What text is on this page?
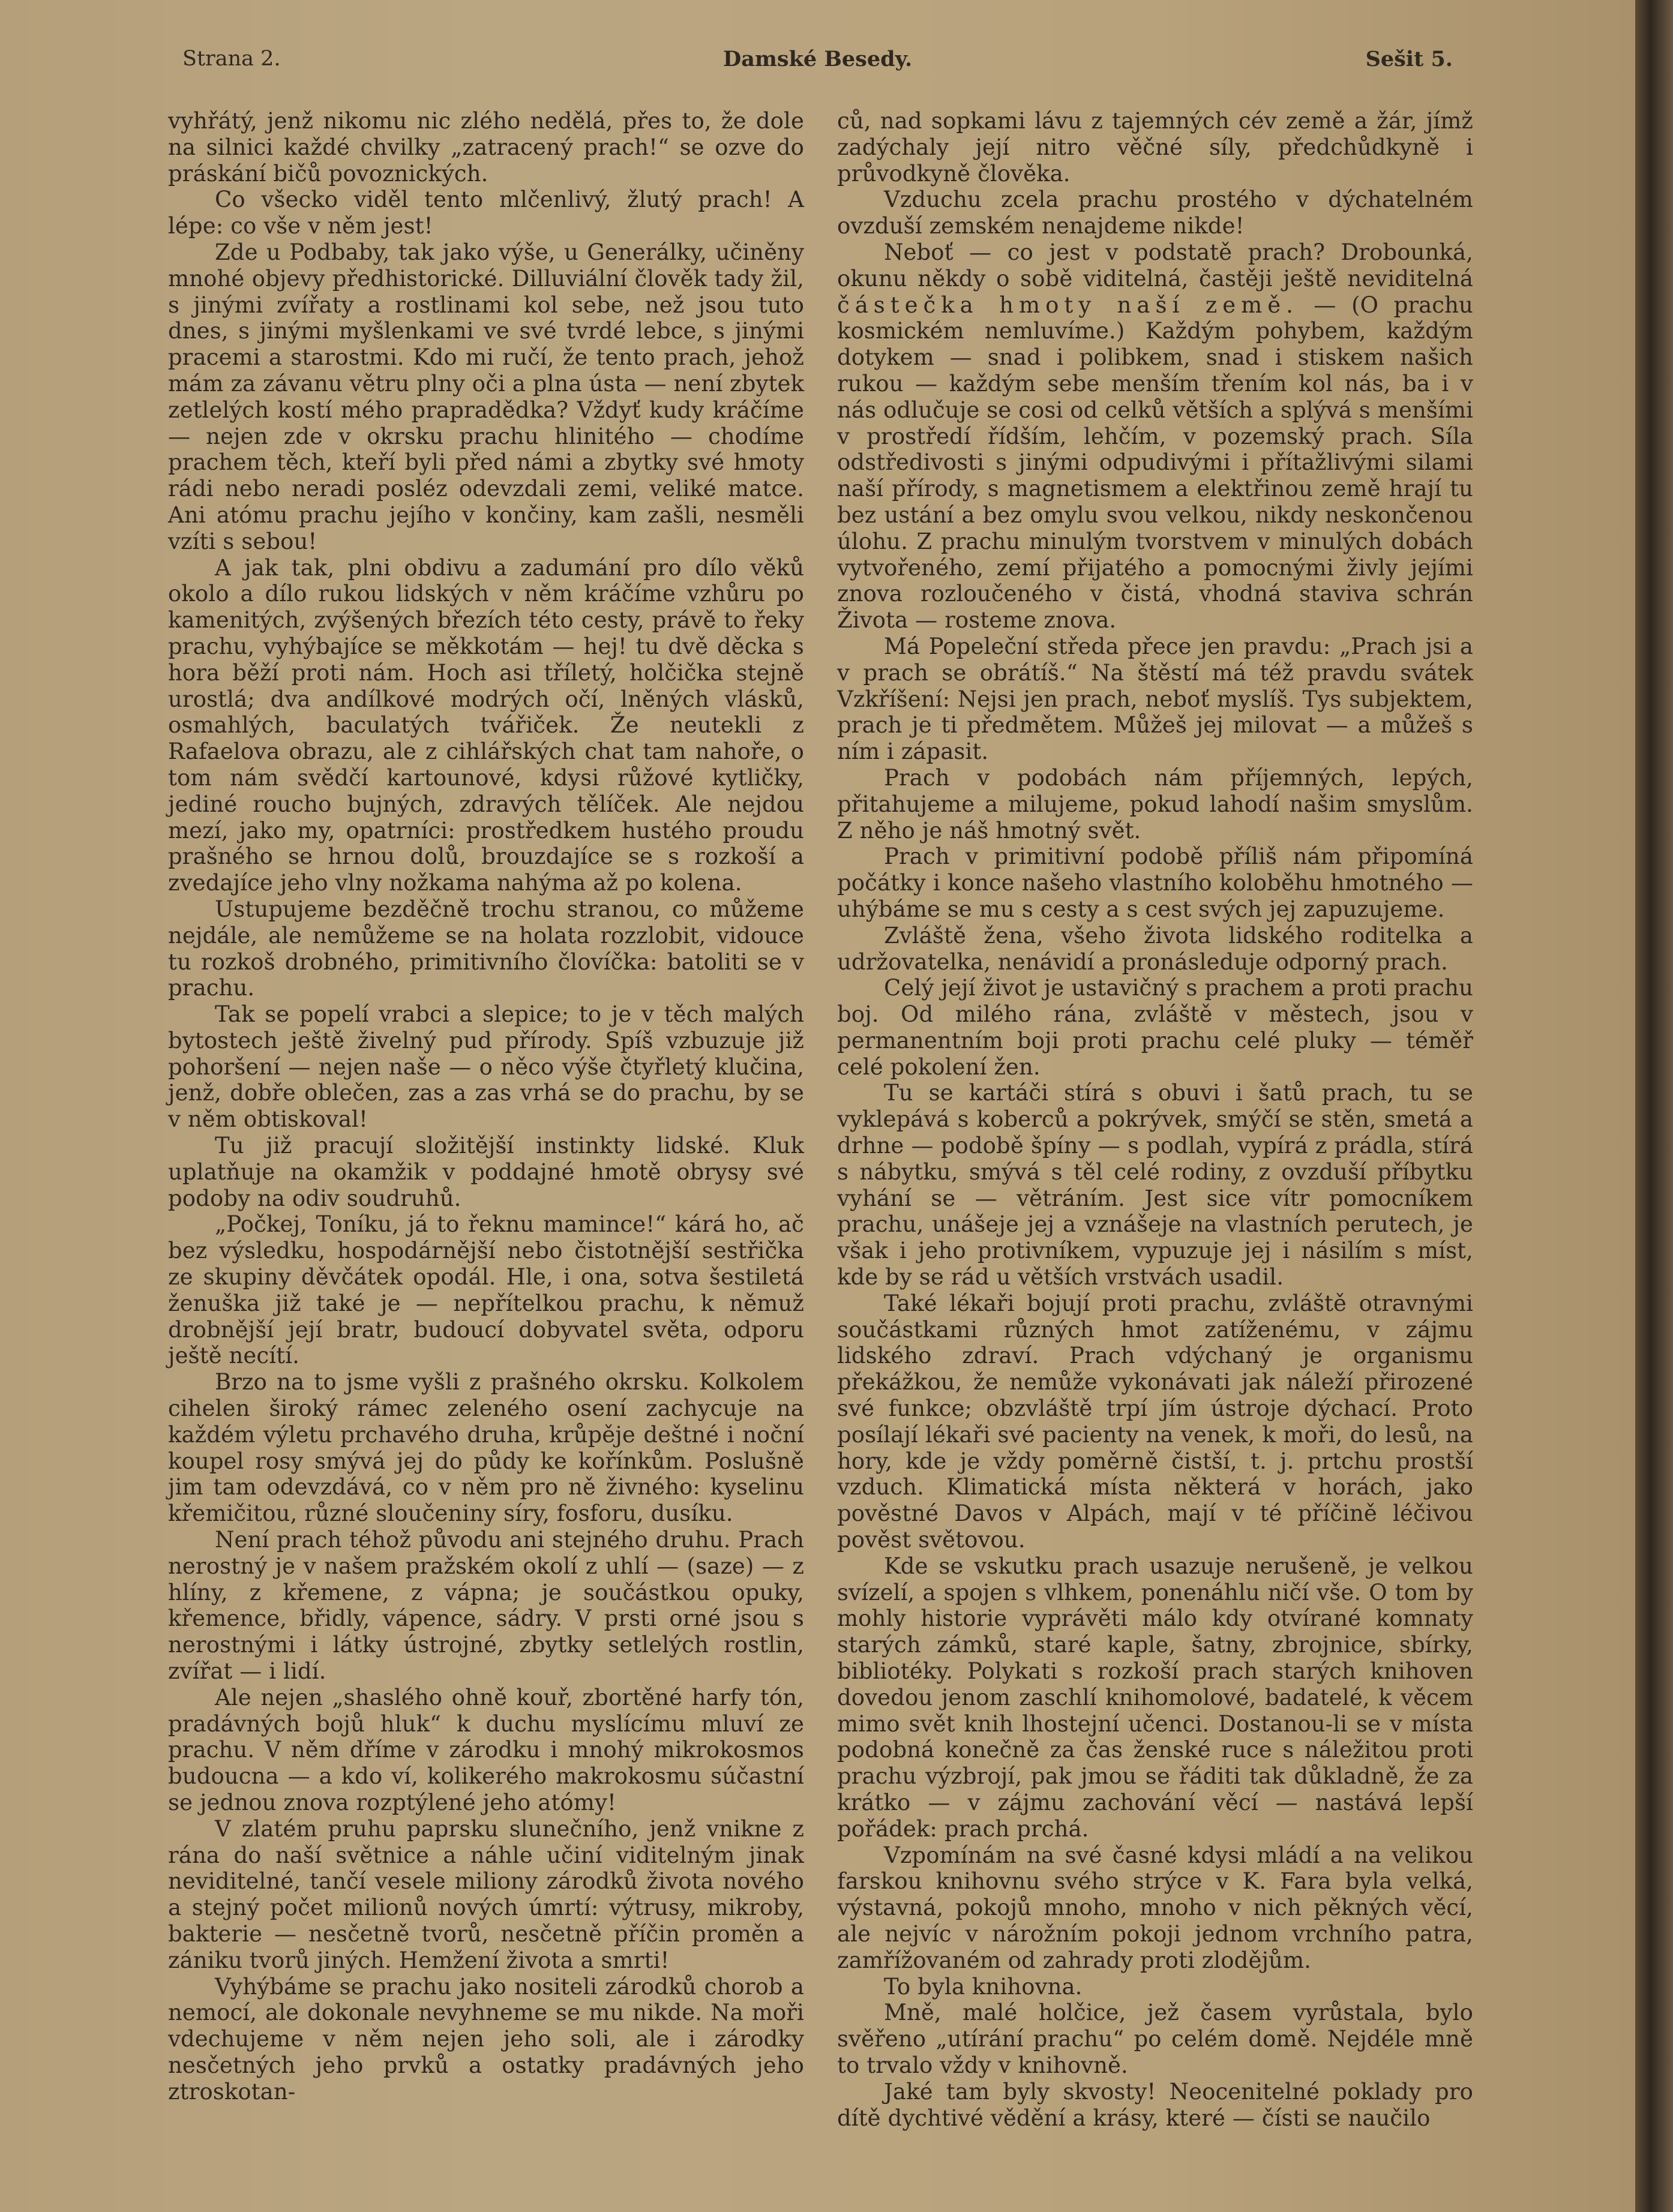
Strana 2.	Damské Besedy.	Sešit 5.

vyhřátý, jenž nikomu nic zlého nedělá, přes to, že dole na silnici každé chvilky „zatracený prach!“ se ozve do práskání bičů povoznických.

Co všecko viděl tento mlčenlivý, žlutý prach! A lépe: co vše v něm jest!

Zde u Podbaby, tak jako výše, u Generálky, učiněny mnohé objevy předhistorické. Dilluviální člověk tady žil, s jinými zvířaty a rostlinami kol sebe, než jsou tuto dnes, s jinými myšlenkami ve své tvrdé lebce, s jinými pracemi a starostmi. Kdo mi ručí, že tento prach, jehož mám za závanu větru plny oči a plna ústa — není zbytek zetlelých kostí mého prapradědka? Vždyť kudy kráčíme — nejen zde v okrsku prachu hlinitého — chodíme prachem těch, kteří byli před námi a zbytky své hmoty rádi nebo neradi posléz odevzdali zemi, veliké matce. Ani atómu prachu jejího v končiny, kam zašli, nesměli vzíti s sebou!

A jak tak, plni obdivu a zadumání pro dílo věků okolo a dílo rukou lidských v něm kráčíme vzhůru po kamenitých, zvýšených březích této cesty, právě to řeky prachu, vyhýbajíce se měkkotám — hej! tu dvě děcka s hora běží proti nám. Hoch asi tříletý, holčička stejně urostlá; dva andílkové modrých očí, lněných vlásků, osmahlých, baculatých tvářiček. Že neutekli z Rafaelova obrazu, ale z cihlářských chat tam nahoře, o tom nám svědčí kartounové, kdysi růžové kytličky, jediné roucho bujných, zdravých tělíček. Ale nejdou mezí, jako my, opatrníci: prostředkem hustého proudu prašného se hrnou dolů, brouzdajíce se s rozkoší a zvedajíce jeho vlny nožkama nahýma až po kolena.

Ustupujeme bezděčně trochu stranou, co můžeme nejdále, ale nemůžeme se na holata rozzlobit, vidouce tu rozkoš drobného, primitivního človíčka: batoliti se v prachu.

Tak se popelí vrabci a slepice; to je v těch malých bytostech ještě živelný pud přírody. Spíš vzbuzuje již pohoršení — nejen naše — o něco výše čtyřletý klučina, jenž, dobře oblečen, zas a zas vrhá se do prachu, by se v něm obtiskoval!

Tu již pracují složitější instinkty lidské. Kluk uplatňuje na okamžik v poddajné hmotě obrysy své podoby na odiv soudruhů.

„Počkej, Toníku, já to řeknu mamince!“ kárá ho, ač bez výsledku, hospodárnější nebo čistotnější sestřička ze skupiny děvčátek opodál. Hle, i ona, sotva šestiletá ženuška již také je — nepřítelkou prachu, k němuž drobnější její bratr, budoucí dobyvatel světa, odporu ještě necítí.

Brzo na to jsme vyšli z prašného okrsku. Kolkolem cihelen široký rámec zeleného osení zachycuje na každém výletu prchavého druha, krůpěje deštné i noční koupel rosy smývá jej do půdy ke kořínkům. Poslušně jim tam odevzdává, co v něm pro ně živného: kyselinu křemičitou, různé sloučeniny síry, fosforu, dusíku.

Není prach téhož původu ani stejného druhu. Prach nerostný je v našem pražském okolí z uhlí — (saze) — z hlíny, z křemene, z vápna; je součástkou opuky, křemence, břidly, vápence, sádry. V prsti orné jsou s nerostnými i látky ústrojné, zbytky setlelých rostlin, zvířat — i lidí.

Ale nejen „shaslého ohně kouř, zbortěné harfy tón, pradávných bojů hluk“ k duchu myslícímu mluví ze prachu. V něm dříme v zárodku i mnohý mikrokosmos budoucna — a kdo ví, kolikerého makrokosmu súčastní se jednou znova rozptýlené jeho atómy!

V zlatém pruhu paprsku slunečního, jenž vnikne z rána do naší světnice a náhle učiní viditelným jinak neviditelné, tančí vesele miliony zárodků života nového a stejný počet milionů nových úmrtí: výtrusy, mikroby, bakterie — nesčetně tvorů, nesčetně příčin proměn a zániku tvorů jiných. Hemžení života a smrti!

Vyhýbáme se prachu jako nositeli zárodků chorob a nemocí, ale dokonale nevyhneme se mu nikde. Na moři vdechujeme v něm nejen jeho soli, ale i zárodky nesčetných jeho prvků a ostatky pradávných jeho ztroskotan-

ců, nad sopkami lávu z tajemných cév země a žár, jímž zadýchaly její nitro věčné síly, předchůdkyně i průvodkyně člověka.

Vzduchu zcela prachu prostého v dýchatelném ovzduší zemském nenajdeme nikde!

Neboť — co jest v podstatě prach? Drobounká, okunu někdy o sobě viditelná, častěji ještě neviditelná částečka hmoty naší země. — (O prachu kosmickém nemluvíme.) Každým pohybem, každým dotykem — snad i polibkem, snad i stiskem našich rukou — každým sebe menším třením kol nás, ba i v nás odlučuje se cosi od celků větších a splývá s menšími v prostředí řídším, lehčím, v pozemský prach. Síla odstředivosti s jinými odpudivými i přítažlivými silami naší přírody, s magnetismem a elektřinou země hrají tu bez ustání a bez omylu svou velkou, nikdy neskončenou úlohu. Z prachu minulým tvorstvem v minulých dobách vytvořeného, zemí přijatého a pomocnými živly jejími znova rozloučeného v čistá, vhodná staviva schrán Života — rosteme znova.

Má Popeleční středa přece jen pravdu: „Prach jsi a v prach se obrátíš.“ Na štěstí má též pravdu svátek Vzkříšení: Nejsi jen prach, neboť myslíš. Tys subjektem, prach je ti předmětem. Můžeš jej milovat — a můžeš s ním i zápasit.

Prach v podobách nám příjemných, lepých, přitahujeme a milujeme, pokud lahodí našim smyslům. Z něho je náš hmotný svět.

Prach v primitivní podobě příliš nám připomíná počátky i konce našeho vlastního koloběhu hmotného — uhýbáme se mu s cesty a s cest svých jej zapuzujeme.

Zvláště žena, všeho života lidského roditelka a udržovatelka, nenávidí a pronásleduje odporný prach.

Celý její život je ustavičný s prachem a proti prachu boj. Od milého rána, zvláště v městech, jsou v permanentním boji proti prachu celé pluky — téměř celé pokolení žen.

Tu se kartáči stírá s obuvi i šatů prach, tu se vyklepává s koberců a pokrývek, smýčí se stěn, smetá a drhne — podobě špíny — s podlah, vypírá z prádla, stírá s nábytku, smývá s těl celé rodiny, z ovzduší příbytku vyhání se — větráním. Jest sice vítr pomocníkem prachu, unášeje jej a vznášeje na vlastních perutech, je však i jeho protivníkem, vypuzuje jej i násilím s míst, kde by se rád u větších vrstvách usadil.

Také lékaři bojují proti prachu, zvláště otravnými součástkami různých hmot zatíženému, v zájmu lidského zdraví. Prach vdýchaný je organismu překážkou, že nemůže vykonávati jak náleží přirozené své funkce; obzvláště trpí jím ústroje dýchací. Proto posílají lékaři své pacienty na venek, k moři, do lesů, na hory, kde je vždy poměrně čistší, t. j. prtchu prostší vzduch. Klimatická místa některá v horách, jako pověstné Davos v Alpách, mají v té příčině léčivou pověst světovou.

Kde se vskutku prach usazuje nerušeně, je velkou svízelí, a spojen s vlhkem, ponenáhlu ničí vše. O tom by mohly historie vyprávěti málo kdy otvírané komnaty starých zámků, staré kaple, šatny, zbrojnice, sbírky, bibliotéky. Polykati s rozkoší prach starých knihoven dovedou jenom zaschlí knihomolové, badatelé, k věcem mimo svět knih lhostejní učenci. Dostanou-li se v místa podobná konečně za čas ženské ruce s náležitou proti prachu výzbrojí, pak jmou se řáditi tak důkladně, že za krátko — v zájmu zachování věcí — nastává lepší pořádek: prach prchá.

Vzpomínám na své časné kdysi mládí a na velikou farskou knihovnu svého strýce v K. Fara byla velká, výstavná, pokojů mnoho, mnoho v nich pěkných věcí, ale nejvíc v nárožním pokoji jednom vrchního patra, zamřížovaném od zahrady proti zlodějům.

To byla knihovna.

Mně, malé holčice, jež časem vyrůstala, bylo svěřeno „utírání prachu“ po celém domě. Nejdéle mně to trvalo vždy v knihovně.

Jaké tam byly skvosty! Neocenitelné poklady pro dítě dychtivé vědění a krásy, které — čísti se naučilo
